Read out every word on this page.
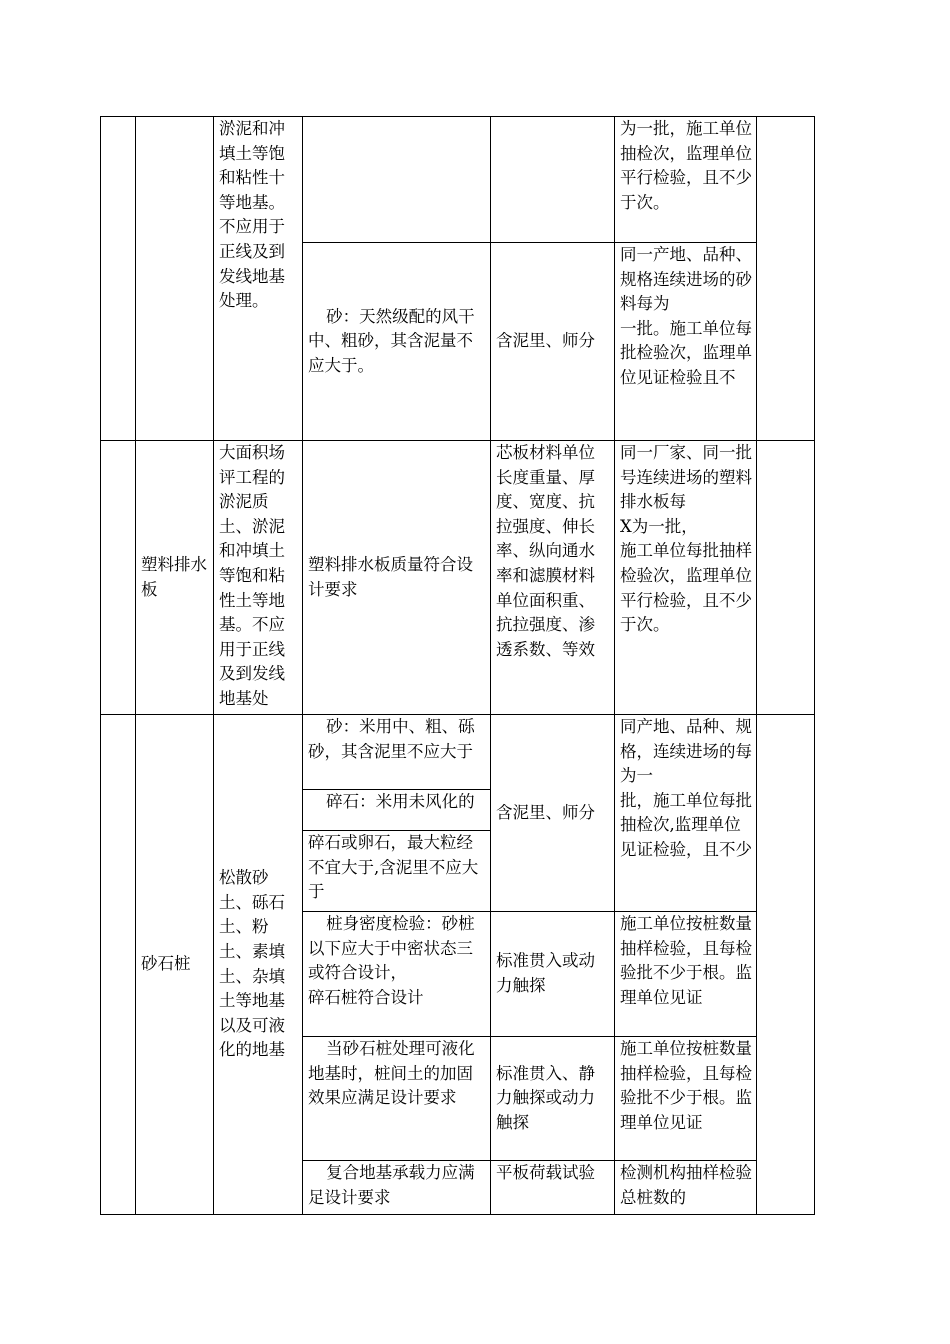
		淤泥和冲填土等饱和粘性十等地基。不应用于正线及到发线地基处理。			为一批，施工单位抽检次，监理单位平行检验，且不少于次。	

			砂：天然级配的风干中、粗砂，其含泥量不应大于。	含泥里、师分	同一产地、品种、规格连续进场的砂料每为
一批。施工单位每批检验次，监理单位见证检验且不	

	塑料排水板	大面积场评工程的淤泥质土、淤泥和冲填土等饱和粘性土等地基。不应用于正线及到发线地基处	塑料排水板质量符合设计要求	芯板材料单位长度重量、厚度、宽度、抗拉强度、伸长率、纵向通水率和滤膜材料单位面积重、抗拉强度、渗透系数、等效	同一厂家、同一批号连续进场的塑料排水板每
X为一批，
施工单位每批抽样检验次，监理单位平行检验，且不少于次。	

	砂石桩	松散砂土、砾石土、粉土、素填土、杂填土等地基以及可液化的地基	砂：米用中、粗、砾砂，其含泥里不应大于	含泥里、师分	同产地、品种、规格，连续进场的每为一
批，施工单位每批抽检次,监理单位见证检验，且不少	

			碎石：米用未风化的			

			碎石或卵石，最大粒经不宜大于,含泥里不应大于			

			桩身密度检验：砂桩以下应大于中密状态三或符合设计，
碎石桩符合设计	标准贯入或动力触探	施工单位按桩数量抽样检验，且每检验批不少于根。监理单位见证	

			当砂石桩处理可液化地基时，桩间土的加固效果应满足设计要求	标准贯入、静力触探或动力触探	施工单位按桩数量抽样检验，且每检验批不少于根。监理单位见证	

			复合地基承载力应满足设计要求	平板荷载试验	检测机构抽样检验总桩数的	
